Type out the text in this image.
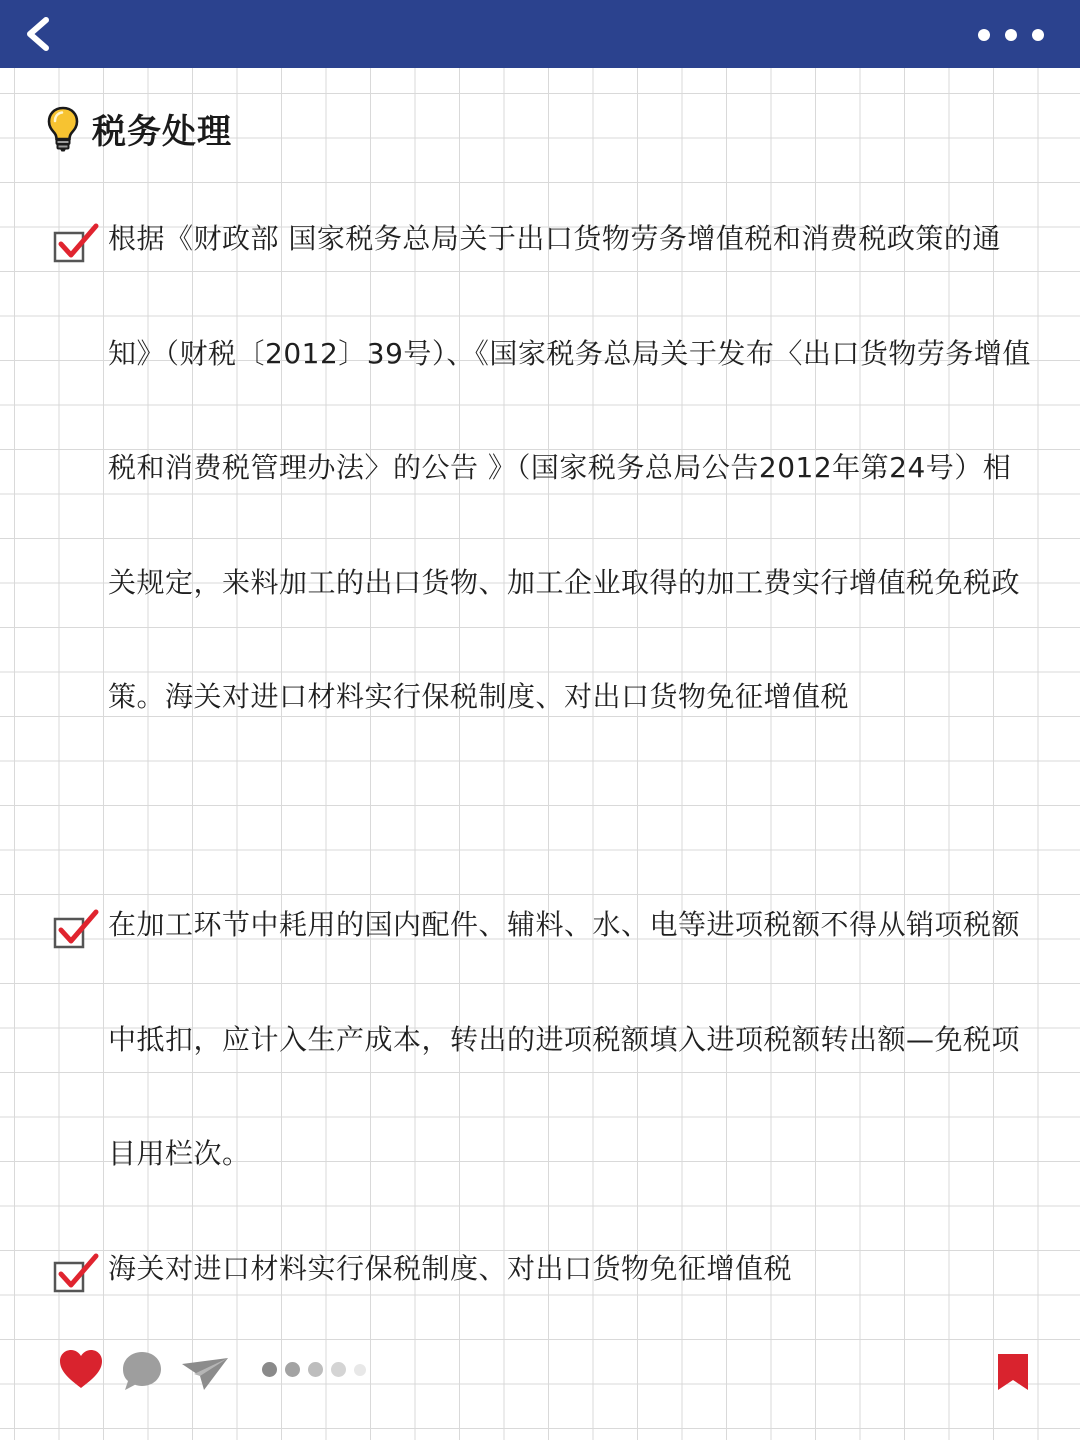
税务处理
根据《财政部 国家税务总局关于出口货物劳务增值税和消费税政策的通知》（财税〔2012〕39号）、《国家税务总局关于发布〈出口货物劳务增值税和消费税管理办法〉的公告 》（国家税务总局公告2012年第24号）相关规定，来料加工的出口货物、加工企业取得的加工费实行增值税免税政策。海关对进口材料实行保税制度、对出口货物免征增值税
在加工环节中耗用的国内配件、辅料、水、电等进项税额不得从销项税额中抵扣，应计入生产成本，转出的进项税额填入进项税额转出额—免税项目用栏次。
海关对进口材料实行保税制度、对出口货物免征增值税
